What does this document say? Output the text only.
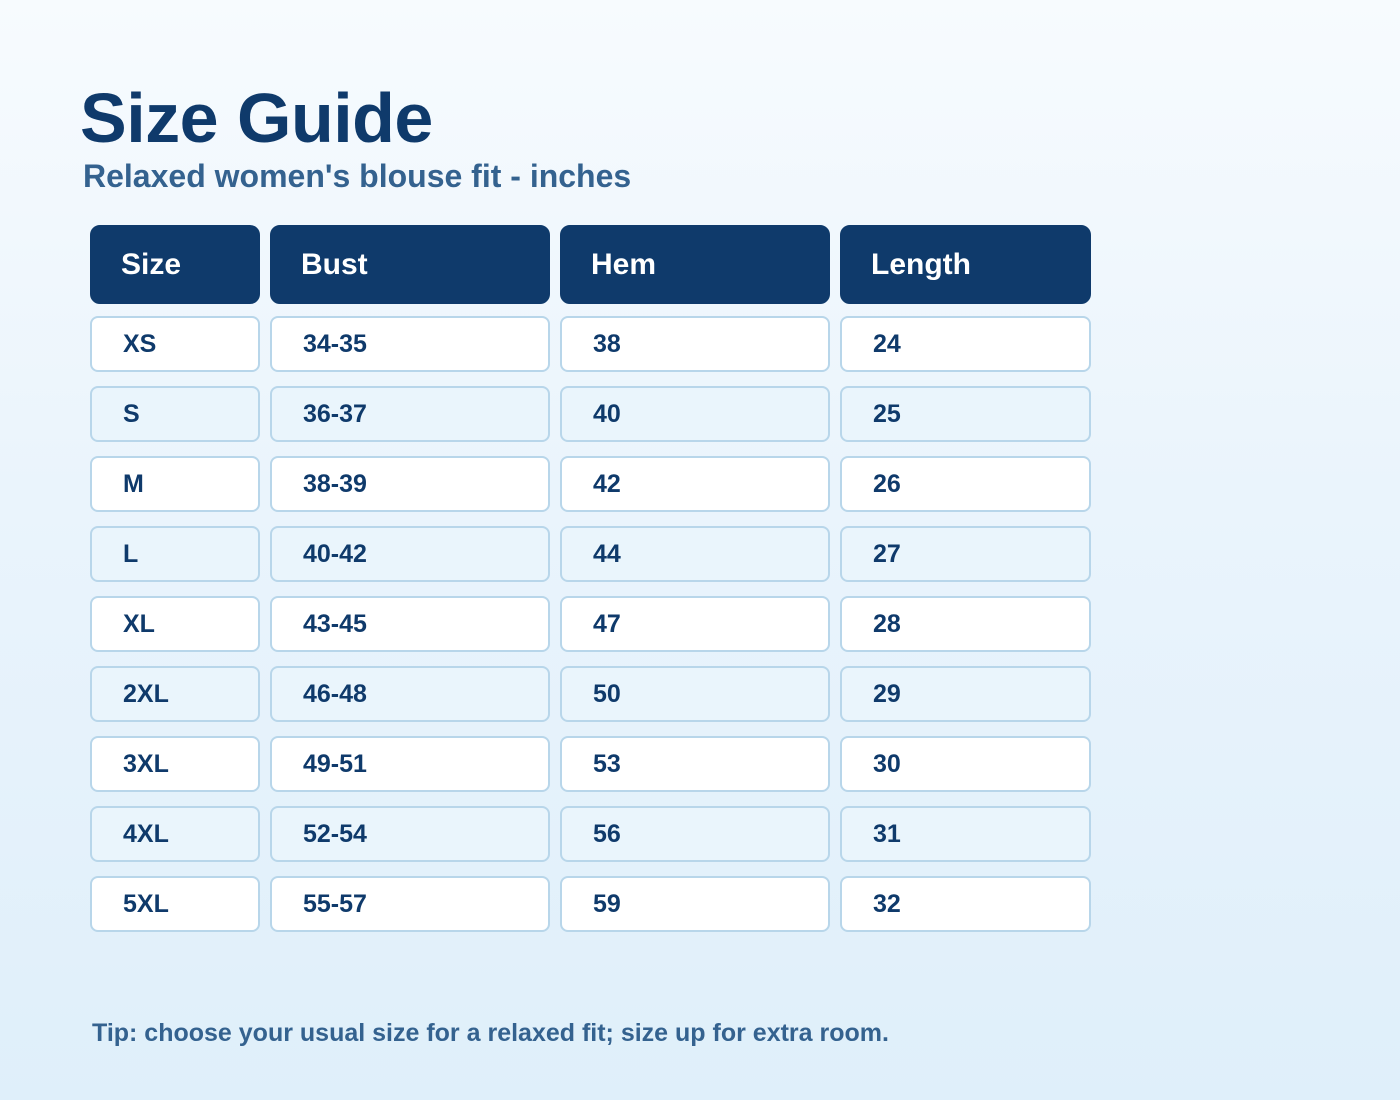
Size Guide
Relaxed women's blouse fit - inches
Size	Bust	Hem	Length
XS	34-35	38	24
S	36-37	40	25
M	38-39	42	26
L	40-42	44	27
XL	43-45	47	28
2XL	46-48	50	29
3XL	49-51	53	30
4XL	52-54	56	31
5XL	55-57	59	32

Tip: choose your usual size for a relaxed fit; size up for extra room.
